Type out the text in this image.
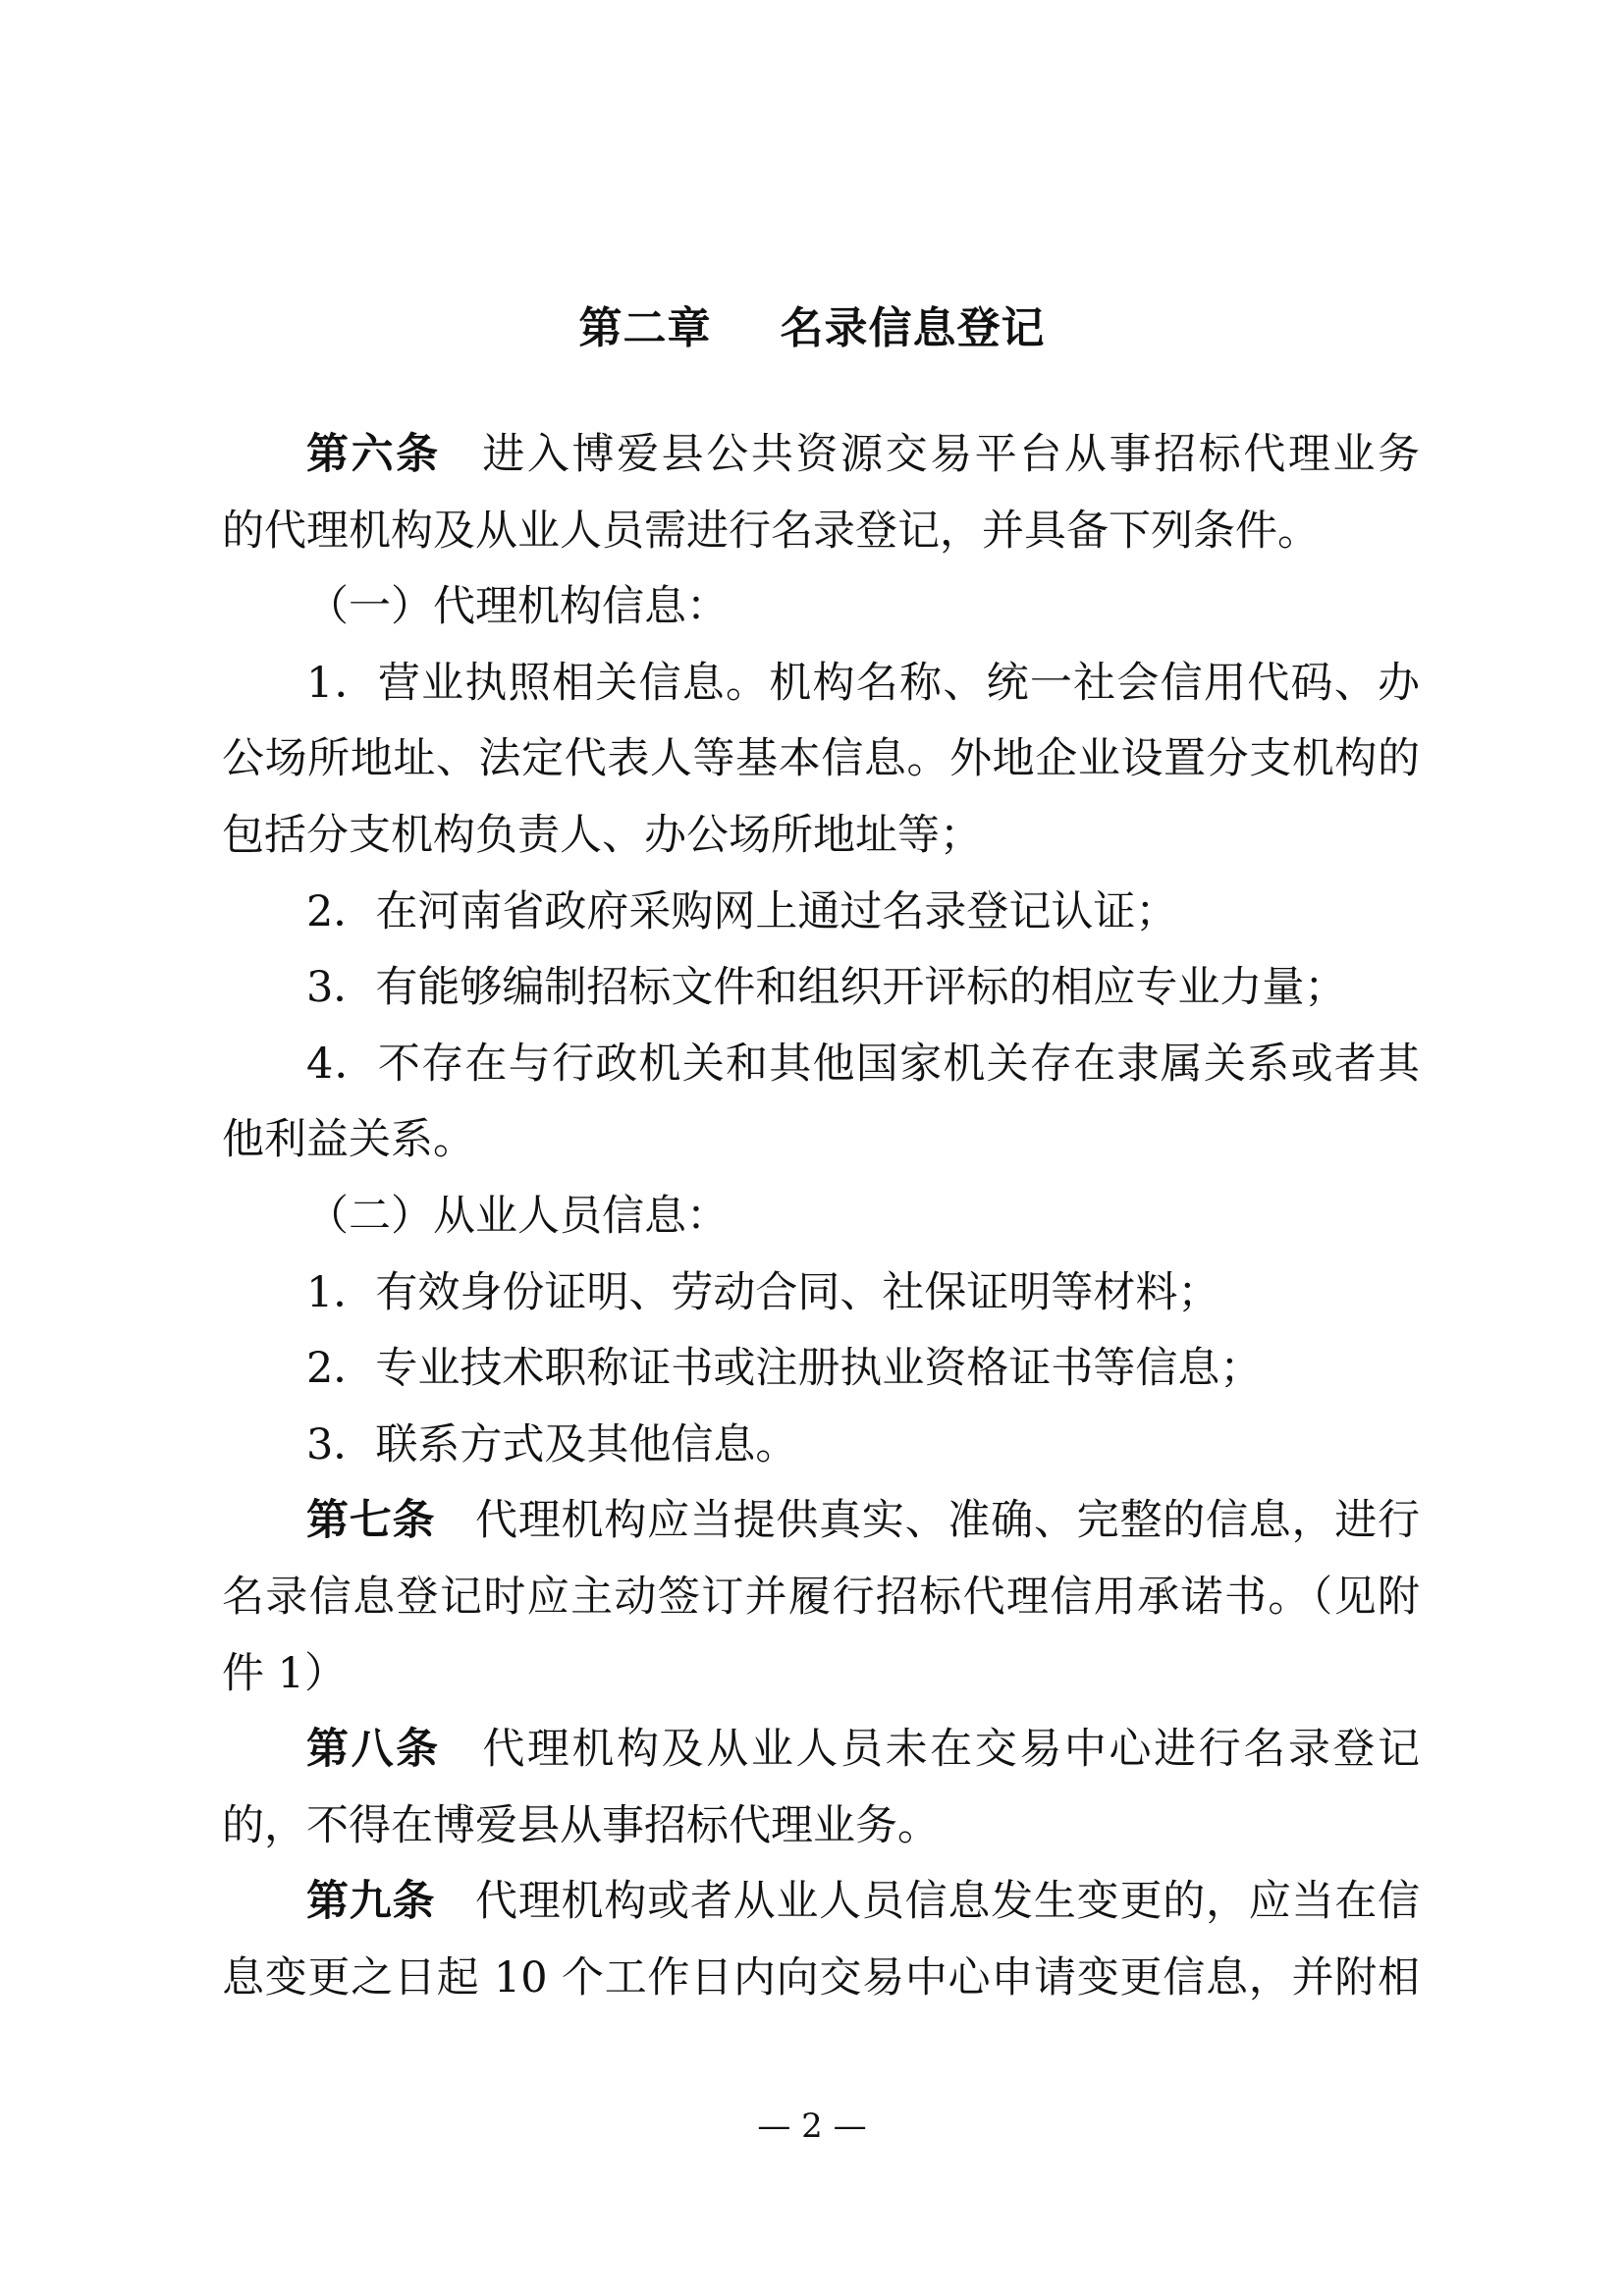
第二章 名录信息登记
第六条 进入博爱县公共资源交易平台从事招标代理业务
的代理机构及从业人员需进行名录登记，并具备下列条件。
（一）代理机构信息：
1．营业执照相关信息。机构名称、统一社会信用代码、办
公场所地址、法定代表人等基本信息。外地企业设置分支机构的
包括分支机构负责人、办公场所地址等；
2．在河南省政府采购网上通过名录登记认证；
3．有能够编制招标文件和组织开评标的相应专业力量；
4．不存在与行政机关和其他国家机关存在隶属关系或者其
他利益关系。
（二）从业人员信息：
1．有效身份证明、劳动合同、社保证明等材料；
2．专业技术职称证书或注册执业资格证书等信息；
3．联系方式及其他信息。
第七条 代理机构应当提供真实、准确、完整的信息，进行
名录信息登记时应主动签订并履行招标代理信用承诺书。（见附
件 1）
第八条 代理机构及从业人员未在交易中心进行名录登记
的，不得在博爱县从事招标代理业务。
第九条 代理机构或者从业人员信息发生变更的，应当在信
息变更之日起 10 个工作日内向交易中心申请变更信息，并附相
— 2 —
